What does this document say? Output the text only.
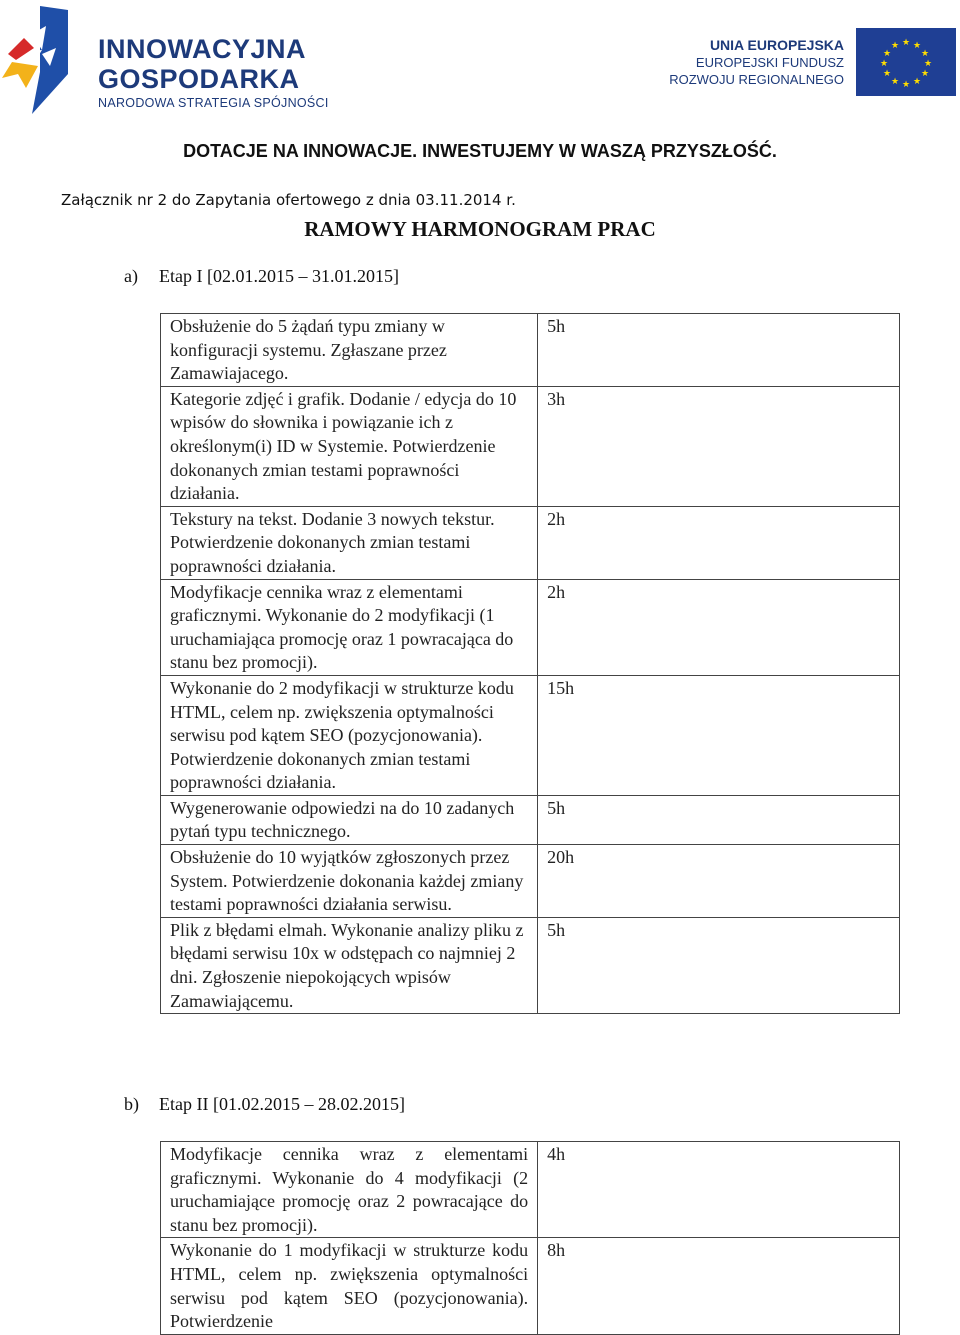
INNOWACYJNA
GOSPODARKA
NARODOWA STRATEGIA SPÓJNOŚCI
UNIA EUROPEJSKA
EUROPEJSKI FUNDUSZ
ROZWOJU REGIONALNEGO
★ ★
★
★
★
★
★
★
★
★
★
★
DOTACJE NA INNOWACJE. INWESTUJEMY W WASZĄ PRZYSZŁOŚĆ.
Załącznik nr 2 do Zapytania ofertowego z dnia 03.11.2014 r.
RAMOWY HARMONOGRAM PRAC
a) Etap I [02.01.2015 – 31.01.2015]
Obsłużenie do 5 żądań typu zmiany w konfiguracji systemu. Zgłaszane przez Zamawiajacego.	5h
Kategorie zdjęć i grafik. Dodanie / edycja do 10 wpisów do słownika i powiązanie ich z określonym(i) ID w Systemie. Potwierdzenie dokonanych zmian testami poprawności działania.	3h
Tekstury na tekst. Dodanie 3 nowych tekstur. Potwierdzenie dokonanych zmian testami poprawności działania.	2h
Modyfikacje cennika wraz z elementami graficznymi. Wykonanie do 2 modyfikacji (1 uruchamiająca promocję oraz 1 powracająca do stanu bez promocji).	2h
Wykonanie do 2 modyfikacji w strukturze kodu HTML, celem np. zwiększenia optymalności serwisu pod kątem SEO (pozycjonowania). Potwierdzenie dokonanych zmian testami poprawności działania.	15h
Wygenerowanie odpowiedzi na do 10 zadanych pytań typu technicznego.	5h
Obsłużenie do 10 wyjątków zgłoszonych przez System. Potwierdzenie dokonania każdej zmiany testami poprawności działania serwisu.	20h
Plik z błędami elmah. Wykonanie analizy pliku z błędami serwisu 10x w odstępach co najmniej 2 dni. Zgłoszenie niepokojących wpisów Zamawiającemu.	5h
b) Etap II [01.02.2015 – 28.02.2015]
Modyfikacje cennika wraz z elementami graficznymi. Wykonanie do 4 modyfikacji (2 uruchamiające promocję oraz 2 powracające do stanu bez promocji).	4h
Wykonanie do 1 modyfikacji w strukturze kodu HTML, celem np. zwiększenia optymalności serwisu pod kątem SEO (pozycjonowania). Potwierdzenie	8h
